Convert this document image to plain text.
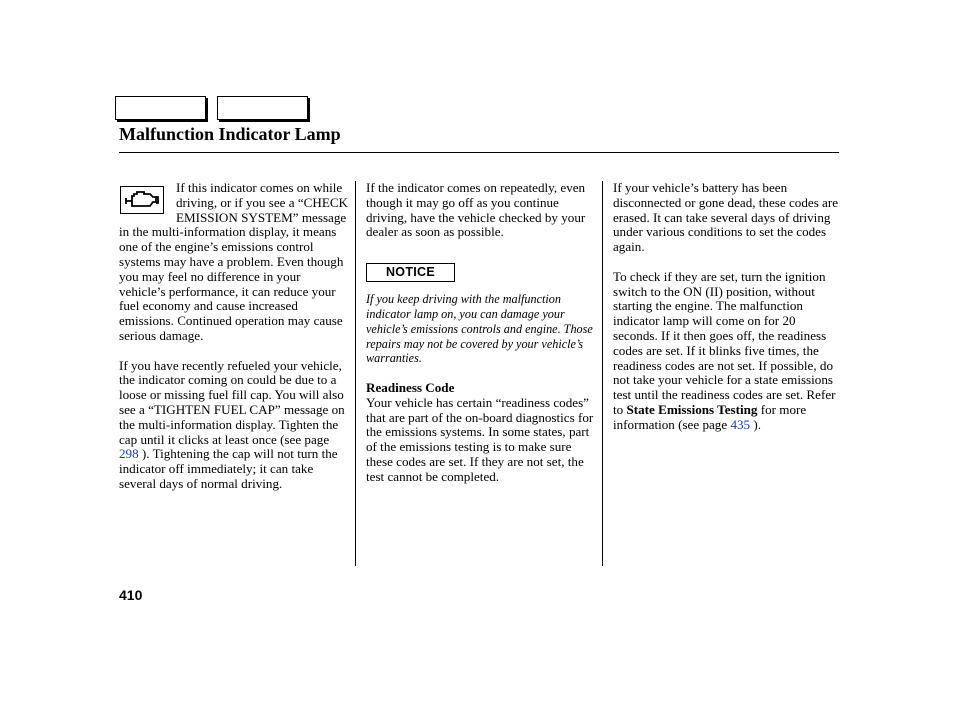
Malfunction Indicator Lamp

If this indicator comes on while driving, or if you see a “CHECK EMISSION SYSTEM” message in the multi-information display, it means one of the engine’s emissions control systems may have a problem. Even though you may feel no difference in your vehicle’s performance, it can reduce your fuel economy and cause increased emissions. Continued operation may cause serious damage.

If you have recently refueled your vehicle, the indicator coming on could be due to a loose or missing fuel fill cap. You will also see a “TIGHTEN FUEL CAP” message on the multi-information display. Tighten the cap until it clicks at least once (see page 298 ). Tightening the cap will not turn the indicator off immediately; it can take several days of normal driving.

If the indicator comes on repeatedly, even though it may go off as you continue driving, have the vehicle checked by your dealer as soon as possible.

NOTICE

If you keep driving with the malfunction indicator lamp on, you can damage your vehicle’s emissions controls and engine. Those repairs may not be covered by your vehicle’s warranties.

Readiness Code

Your vehicle has certain “readiness codes” that are part of the on-board diagnostics for the emissions systems. In some states, part of the emissions testing is to make sure these codes are set. If they are not set, the test cannot be completed.

If your vehicle’s battery has been disconnected or gone dead, these codes are erased. It can take several days of driving under various conditions to set the codes again.

To check if they are set, turn the ignition switch to the ON (II) position, without starting the engine. The malfunction indicator lamp will come on for 20 seconds. If it then goes off, the readiness codes are set. If it blinks five times, the readiness codes are not set. If possible, do not take your vehicle for a state emissions test until the readiness codes are set. Refer to State Emissions Testing for more information (see page 435 ).

410
